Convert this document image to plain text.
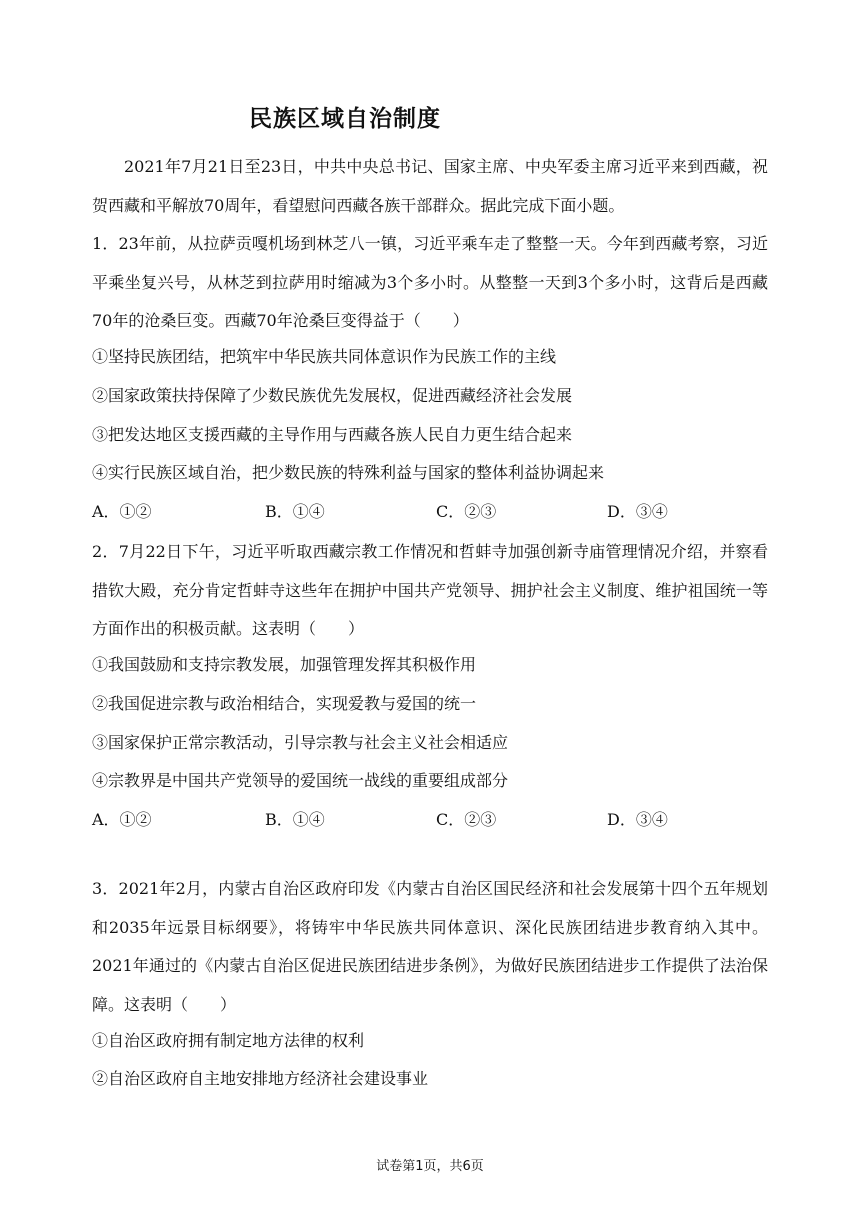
民族区域自治制度

2021年7月21日至23日，中共中央总书记、国家主席、中央军委主席习近平来到西藏，祝贺西藏和平解放70周年，看望慰问西藏各族干部群众。据此完成下面小题。

1．23年前，从拉萨贡嘎机场到林芝八一镇，习近平乘车走了整整一天。今年到西藏考察，习近平乘坐复兴号，从林芝到拉萨用时缩减为3个多小时。从整整一天到3个多小时，这背后是西藏70年的沧桑巨变。西藏70年沧桑巨变得益于（　　）

①坚持民族团结，把筑牢中华民族共同体意识作为民族工作的主线
②国家政策扶持保障了少数民族优先发展权，促进西藏经济社会发展
③把发达地区支援西藏的主导作用与西藏各族人民自力更生结合起来
④实行民族区域自治，把少数民族的特殊利益与国家的整体利益协调起来
A．①②	B．①④	C．②③	D．③④

2．7月22日下午，习近平听取西藏宗教工作情况和哲蚌寺加强创新寺庙管理情况介绍，并察看措钦大殿，充分肯定哲蚌寺这些年在拥护中国共产党领导、拥护社会主义制度、维护祖国统一等方面作出的积极贡献。这表明（　　）

①我国鼓励和支持宗教发展，加强管理发挥其积极作用
②我国促进宗教与政治相结合，实现爱教与爱国的统一
③国家保护正常宗教活动，引导宗教与社会主义社会相适应
④宗教界是中国共产党领导的爱国统一战线的重要组成部分
A．①②	B．①④	C．②③	D．③④

3．2021年2月，内蒙古自治区政府印发《内蒙古自治区国民经济和社会发展第十四个五年规划和2035年远景目标纲要》，将铸牢中华民族共同体意识、深化民族团结进步教育纳入其中。2021年通过的《内蒙古自治区促进民族团结进步条例》，为做好民族团结进步工作提供了法治保障。这表明（　　）

①自治区政府拥有制定地方法律的权利
②自治区政府自主地安排地方经济社会建设事业
试卷第1页，共6页
